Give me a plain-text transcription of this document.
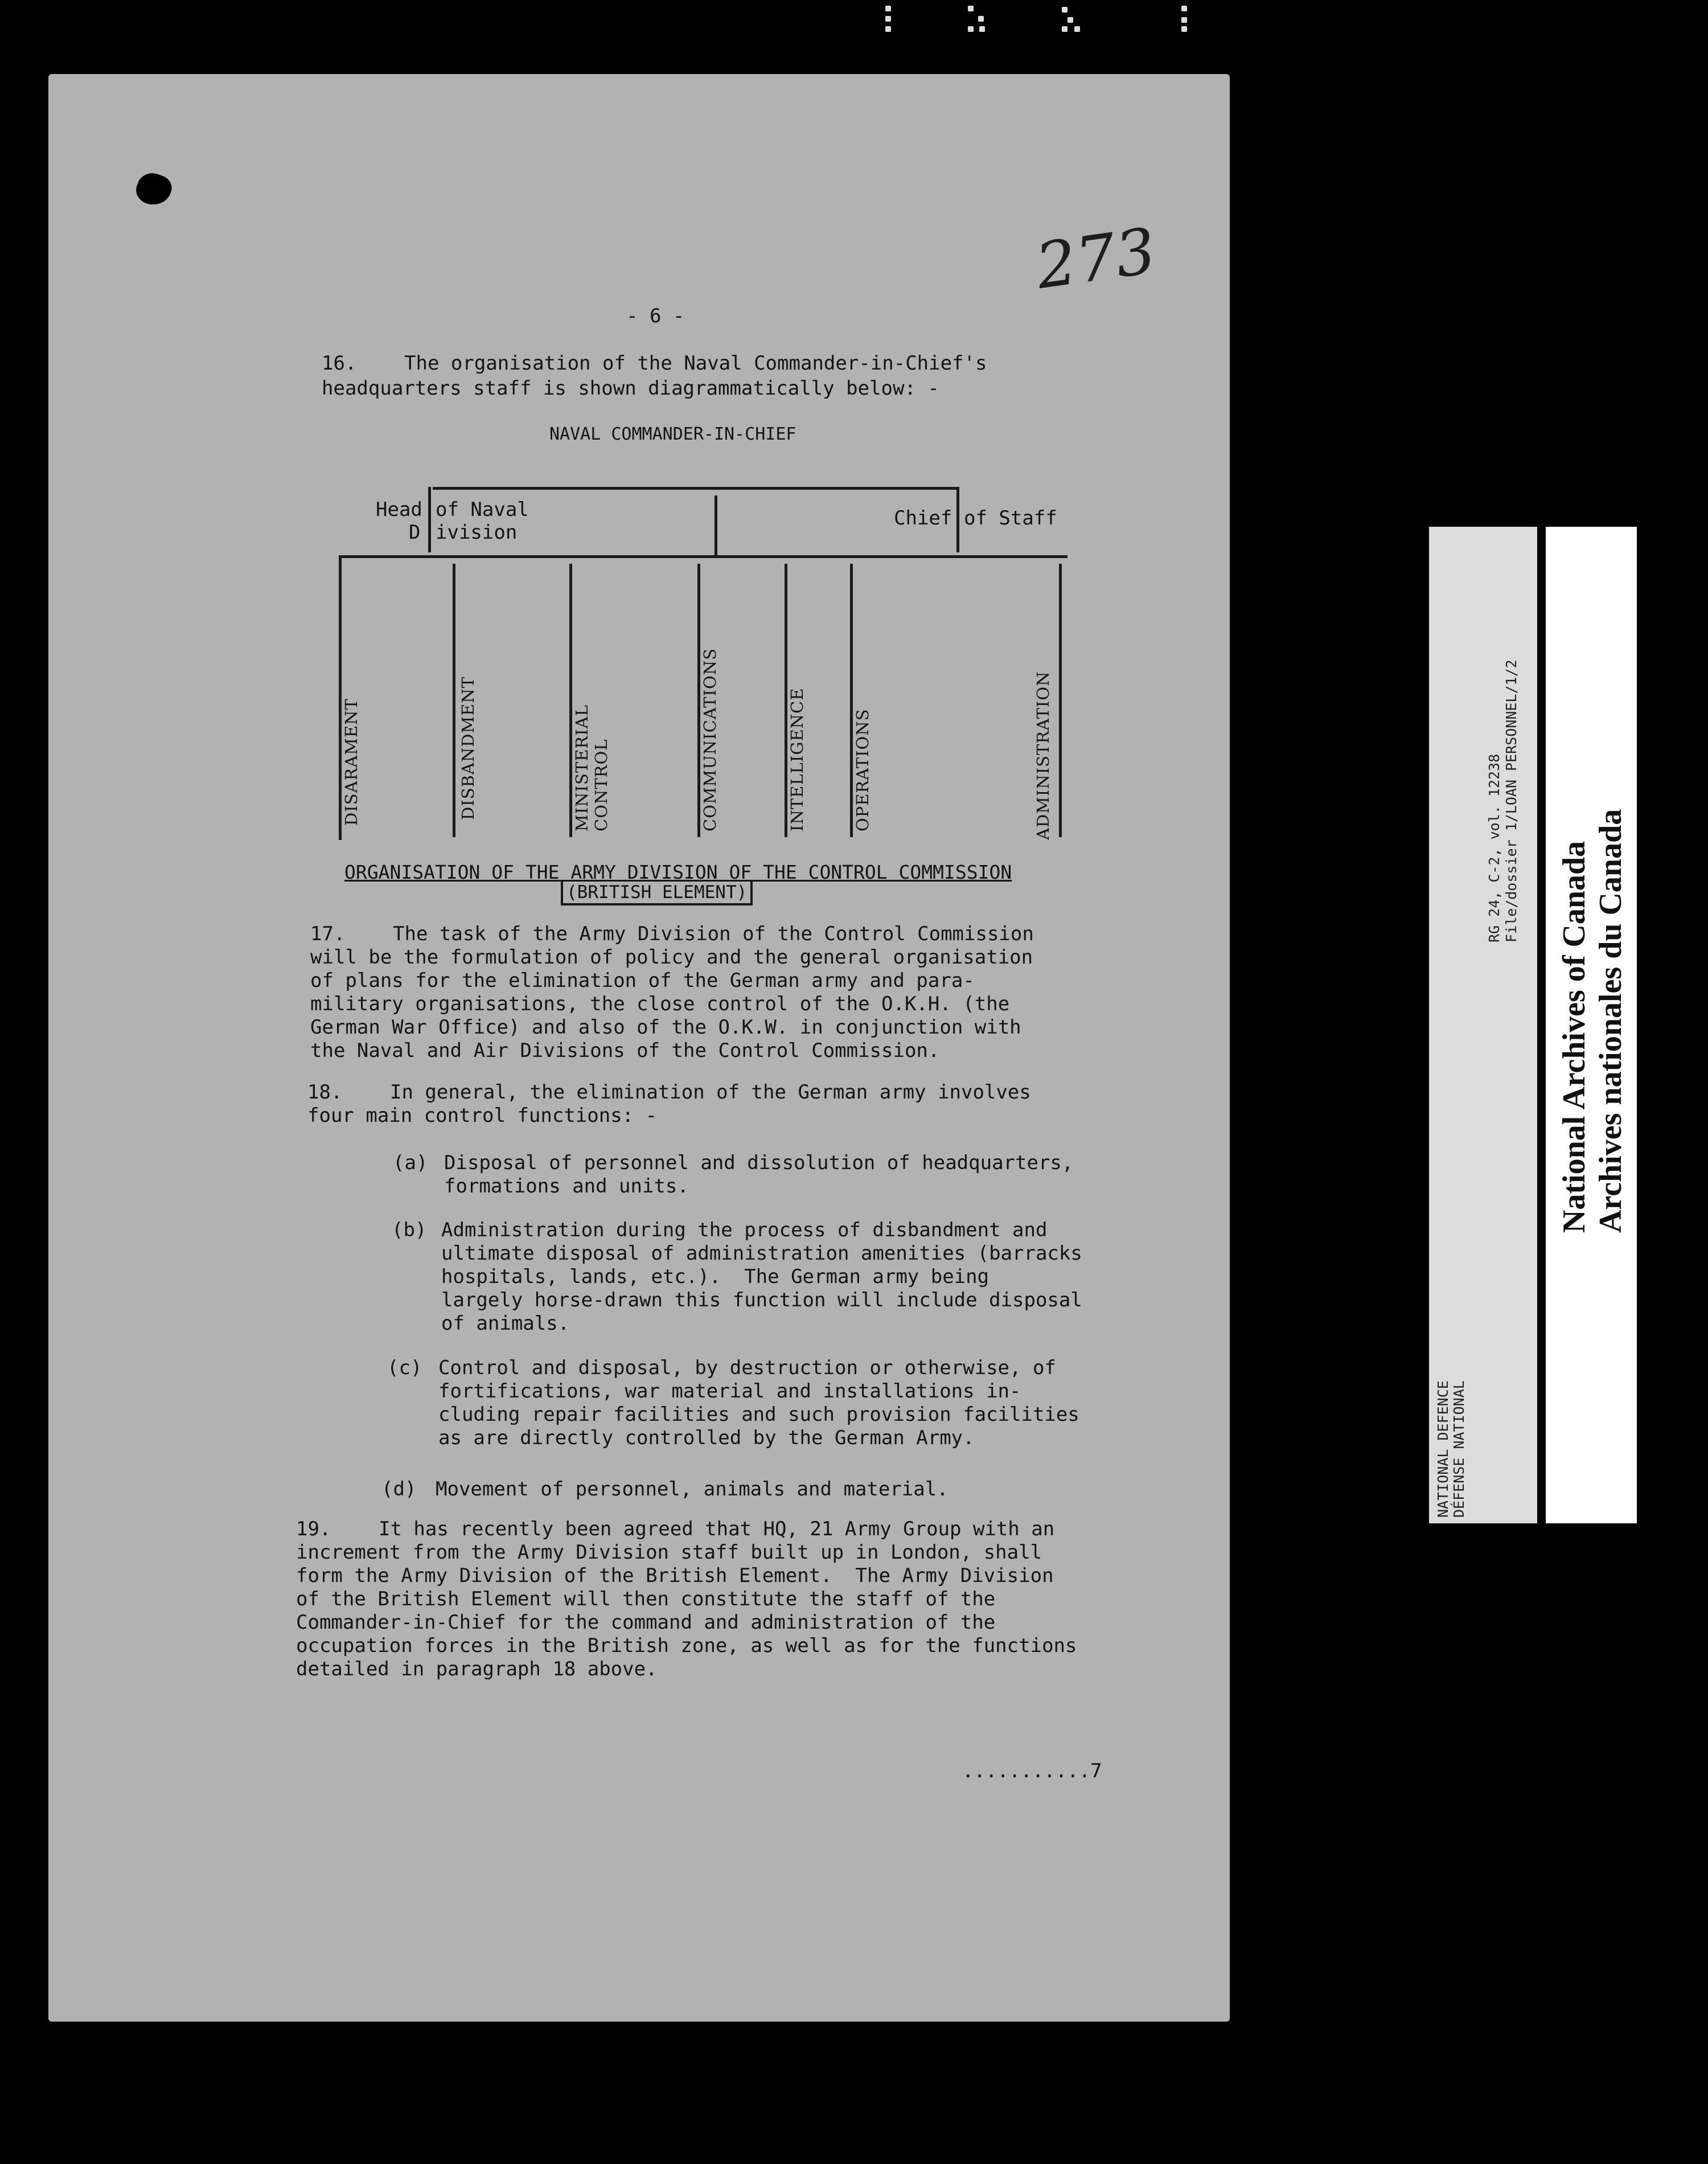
273
- 6 -
16. The organisation of the Naval Commander-in-Chief's
headquarters staff is shown diagrammatically below: -
NAVAL COMMANDER-IN-CHIEF
Head
D
of Naval
ivision
Chief of Staff
DISARAMENT	DISBANDMENT	MINISTERIAL
CONTROL	COMMUNICATIONS	INTELLIGENCE	OPERATIONS	ADMINISTRATION
ORGANISATION OF THE ARMY DIVISION OF THE CONTROL COMMISSION
(BRITISH ELEMENT)
17. The task of the Army Division of the Control Commission
will be the formulation of policy and the general organisation
of plans for the elimination of the German army and para-
military organisations, the close control of the O.K.H. (the
German War Office) and also of the O.K.W. in conjunction with
the Naval and Air Divisions of the Control Commission.
18. In general, the elimination of the German army involves
four main control functions: -
(a) Disposal of personnel and dissolution of headquarters,
formations and units.
(b) Administration during the process of disbandment and
ultimate disposal of administration amenities (barracks
hospitals, lands, etc.).  The German army being
largely horse-drawn this function will include disposal
of animals.
(c) Control and disposal, by destruction or otherwise, of
fortifications, war material and installations in-
cluding repair facilities and such provision facilities
as are directly controlled by the German Army.
(d) Movement of personnel, animals and material.
19. It has recently been agreed that HQ, 21 Army Group with an
increment from the Army Division staff built up in London, shall
form the Army Division of the British Element.  The Army Division
of the British Element will then constitute the staff of the
Commander-in-Chief for the command and administration of the
occupation forces in the British zone, as well as for the functions
detailed in paragraph 18 above.
...........7
NATIONAL DEFENCE DÉFENSE NATIONAL
RG 24, C-2, vol. 12238 File/dossier 1/LOAN PERSONNEL/1/2
National Archives of Canada Archives nationales du Canada
